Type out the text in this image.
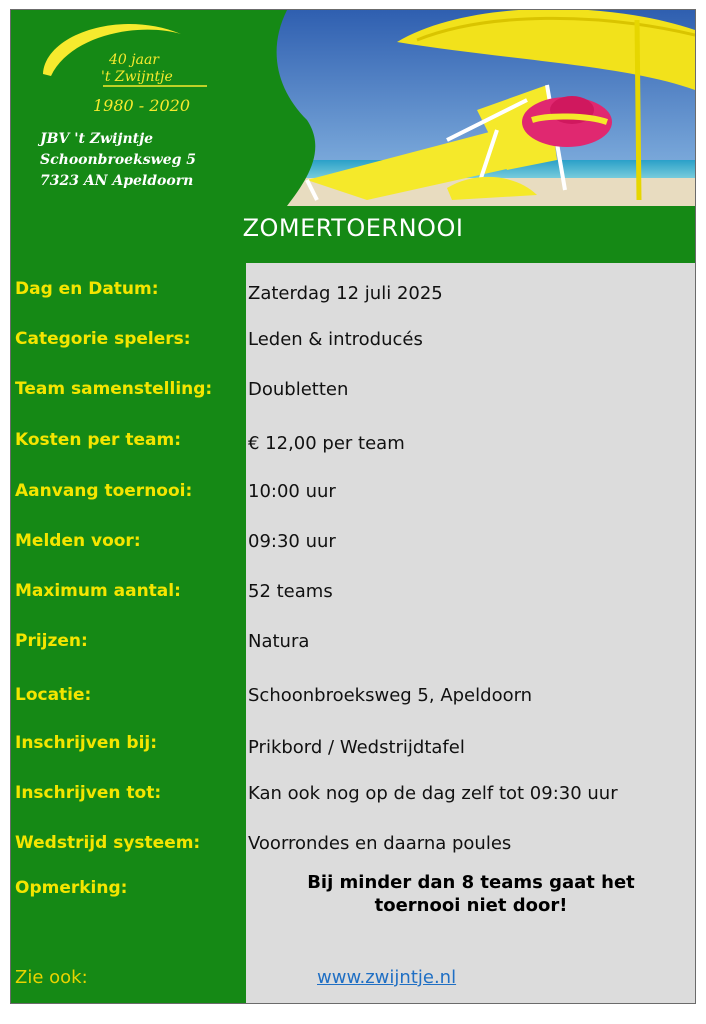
40 jaar
't Zwijntje
1980 - 2020
JBV 't Zwijntje
Schoonbroeksweg 5
7323 AN Apeldoorn
ZOMERTOERNOOI
Dag en Datum:	Zaterdag 12 juli 2025
Categorie spelers:	Leden & introducés
Team samenstelling: Doubletten
Kosten per team:	€ 12,00 per team
Aanvang toernooi:	10:00 uur
Melden voor:	09:30 uur
Maximum aantal:	52 teams
Prijzen:	Natura
Locatie:	Schoonbroeksweg 5, Apeldoorn
Inschrijven bij:	Prikbord / Wedstrijdtafel
Inschrijven tot:	Kan ook nog op de dag zelf tot 09:30 uur
Wedstrijd systeem:	Voorrondes en daarna poules
Opmerking:	Bij minder dan 8 teams gaat het
toernooi niet door!
Zie ook:	www.zwijntje.nl
